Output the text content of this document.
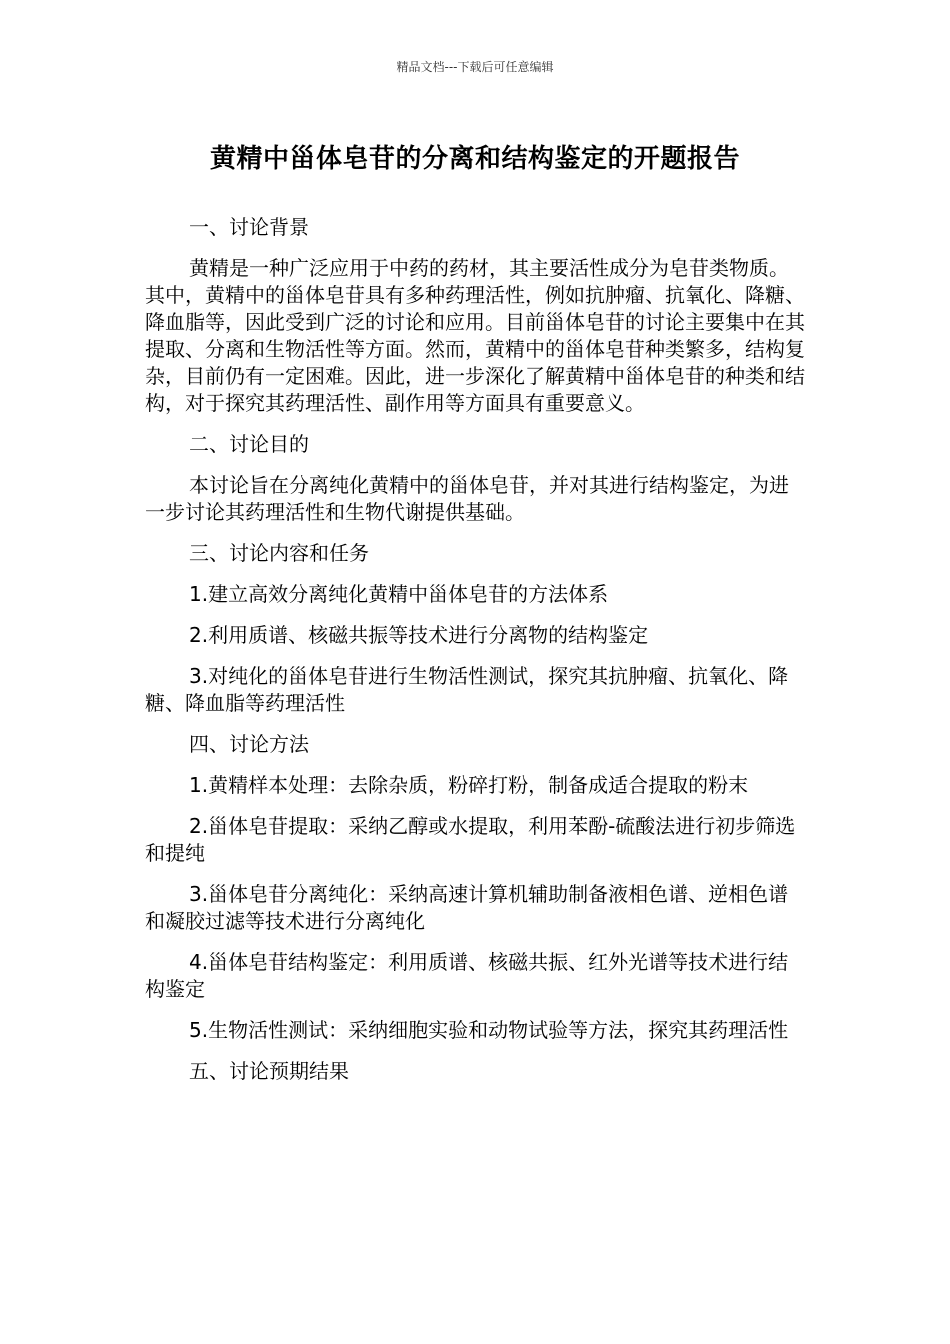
精品文档---下载后可任意编辑
黄精中甾体皂苷的分离和结构鉴定的开题报告

一、讨论背景

黄精是一种广泛应用于中药的药材，其主要活性成分为皂苷类物质。其中，黄精中的甾体皂苷具有多种药理活性，例如抗肿瘤、抗氧化、降糖、降血脂等，因此受到广泛的讨论和应用。目前甾体皂苷的讨论主要集中在其提取、分离和生物活性等方面。然而，黄精中的甾体皂苷种类繁多，结构复杂，目前仍有一定困难。因此，进一步深化了解黄精中甾体皂苷的种类和结构，对于探究其药理活性、副作用等方面具有重要意义。

二、讨论目的

本讨论旨在分离纯化黄精中的甾体皂苷，并对其进行结构鉴定，为进一步讨论其药理活性和生物代谢提供基础。

三、讨论内容和任务

1.建立高效分离纯化黄精中甾体皂苷的方法体系

2.利用质谱、核磁共振等技术进行分离物的结构鉴定

3.对纯化的甾体皂苷进行生物活性测试，探究其抗肿瘤、抗氧化、降糖、降血脂等药理活性

四、讨论方法

1.黄精样本处理：去除杂质，粉碎打粉，制备成适合提取的粉末

2.甾体皂苷提取：采纳乙醇或水提取，利用苯酚-硫酸法进行初步筛选和提纯

3.甾体皂苷分离纯化：采纳高速计算机辅助制备液相色谱、逆相色谱和凝胶过滤等技术进行分离纯化

4.甾体皂苷结构鉴定：利用质谱、核磁共振、红外光谱等技术进行结构鉴定

5.生物活性测试：采纳细胞实验和动物试验等方法，探究其药理活性

五、讨论预期结果
